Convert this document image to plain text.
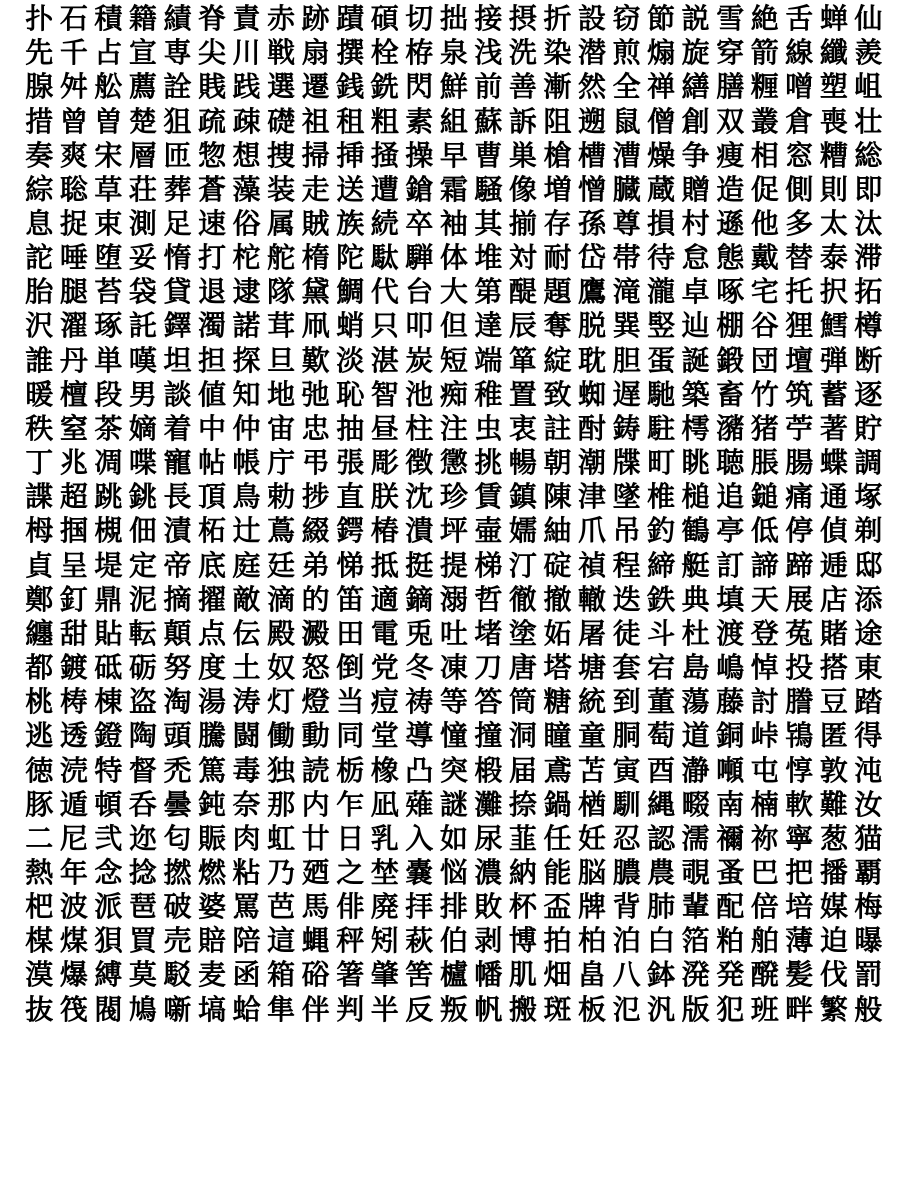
扑 石 積 籍 績 脊 責 赤 跡 蹟 碩 切 拙 接 摂 折 設 窃 節 説 雪 絶 舌 蝉 仙
先 千 占 宣 専 尖 川 戦 扇 撰 栓 栫 泉 浅 洗 染 潜 煎 煽 旋 穿 箭 線 纖 羨
腺 舛 舩 薦 詮 賎 践 選 遷 銭 銑 閃 鮮 前 善 漸 然 全 禅 繕 膳 糎 噌 塑 岨
措 曾 曽 楚 狙 疏 疎 礎 祖 租 粗 素 組 蘇 訴 阻 遡 鼠 僧 創 双 叢 倉 喪 壮
奏 爽 宋 層 匝 惣 想 捜 掃 挿 掻 操 早 曹 巣 槍 槽 漕 燥 争 痩 相 窓 糟 総
綜 聡 草 荘 葬 蒼 藻 装 走 送 遭 鎗 霜 騒 像 増 憎 臓 蔵 贈 造 促 側 則 即
息 捉 束 測 足 速 俗 属 賊 族 続 卒 袖 其 揃 存 孫 尊 損 村 遜 他 多 太 汰
詑 唾 堕 妥 惰 打 柁 舵 楕 陀 駄 騨 体 堆 対 耐 岱 帯 待 怠 態 戴 替 泰 滞
胎 腿 苔 袋 貸 退 逮 隊 黛 鯛 代 台 大 第 醍 題 鷹 滝 瀧 卓 啄 宅 托 択 拓
沢 濯 琢 託 鐸 濁 諾 茸 凧 蛸 只 叩 但 達 辰 奪 脱 巽 竪 辿 棚 谷 狸 鱈 樽
誰 丹 単 嘆 坦 担 探 旦 歎 淡 湛 炭 短 端 箪 綻 耽 胆 蛋 誕 鍛 団 壇 弾 断
暖 檀 段 男 談 値 知 地 弛 恥 智 池 痴 稚 置 致 蜘 遅 馳 築 畜 竹 筑 蓄 逐
秩 窒 茶 嫡 着 中 仲 宙 忠 抽 昼 柱 注 虫 衷 註 酎 鋳 駐 樗 瀦 猪 苧 著 貯
丁 兆 凋 喋 寵 帖 帳 庁 弔 張 彫 徴 懲 挑 暢 朝 潮 牒 町 眺 聴 脹 腸 蝶 調
諜 超 跳 銚 長 頂 鳥 勅 捗 直 朕 沈 珍 賃 鎮 陳 津 墜 椎 槌 追 鎚 痛 通 塚
栂 掴 槻 佃 漬 柘 辻 蔦 綴 鍔 椿 潰 坪 壷 嬬 紬 爪 吊 釣 鶴 亭 低 停 偵 剃
貞 呈 堤 定 帝 底 庭 廷 弟 悌 抵 挺 提 梯 汀 碇 禎 程 締 艇 訂 諦 蹄 逓 邸
鄭 釘 鼎 泥 摘 擢 敵 滴 的 笛 適 鏑 溺 哲 徹 撤 轍 迭 鉄 典 填 天 展 店 添
纏 甜 貼 転 顛 点 伝 殿 澱 田 電 兎 吐 堵 塗 妬 屠 徒 斗 杜 渡 登 菟 賭 途
都 鍍 砥 砺 努 度 土 奴 怒 倒 党 冬 凍 刀 唐 塔 塘 套 宕 島 嶋 悼 投 搭 東
桃 梼 棟 盗 淘 湯 涛 灯 燈 当 痘 祷 等 答 筒 糖 統 到 董 蕩 藤 討 謄 豆 踏
逃 透 鐙 陶 頭 騰 闘 働 動 同 堂 導 憧 撞 洞 瞳 童 胴 萄 道 銅 峠 鴇 匿 得
徳 涜 特 督 禿 篤 毒 独 読 栃 橡 凸 突 椴 届 鳶 苫 寅 酉 瀞 噸 屯 惇 敦 沌
豚 遁 頓 呑 曇 鈍 奈 那 内 乍 凪 薙 謎 灘 捺 鍋 楢 馴 縄 畷 南 楠 軟 難 汝
二 尼 弐 迩 匂 賑 肉 虹 廿 日 乳 入 如 尿 韮 任 妊 忍 認 濡 禰 祢 寧 葱 猫
熱 年 念 捻 撚 燃 粘 乃 廼 之 埜 嚢 悩 濃 納 能 脳 膿 農 覗 蚤 巴 把 播 覇
杷 波 派 琶 破 婆 罵 芭 馬 俳 廃 拝 排 敗 杯 盃 牌 背 肺 輩 配 倍 培 媒 梅
楳 煤 狽 買 売 賠 陪 這 蝿 秤 矧 萩 伯 剥 博 拍 柏 泊 白 箔 粕 舶 薄 迫 曝
漠 爆 縛 莫 駁 麦 函 箱 硲 箸 肇 筈 櫨 幡 肌 畑 畠 八 鉢 溌 発 醗 髪 伐 罰
抜 筏 閥 鳩 噺 塙 蛤 隼 伴 判 半 反 叛 帆 搬 斑 板 氾 汎 版 犯 班 畔 繁 般
